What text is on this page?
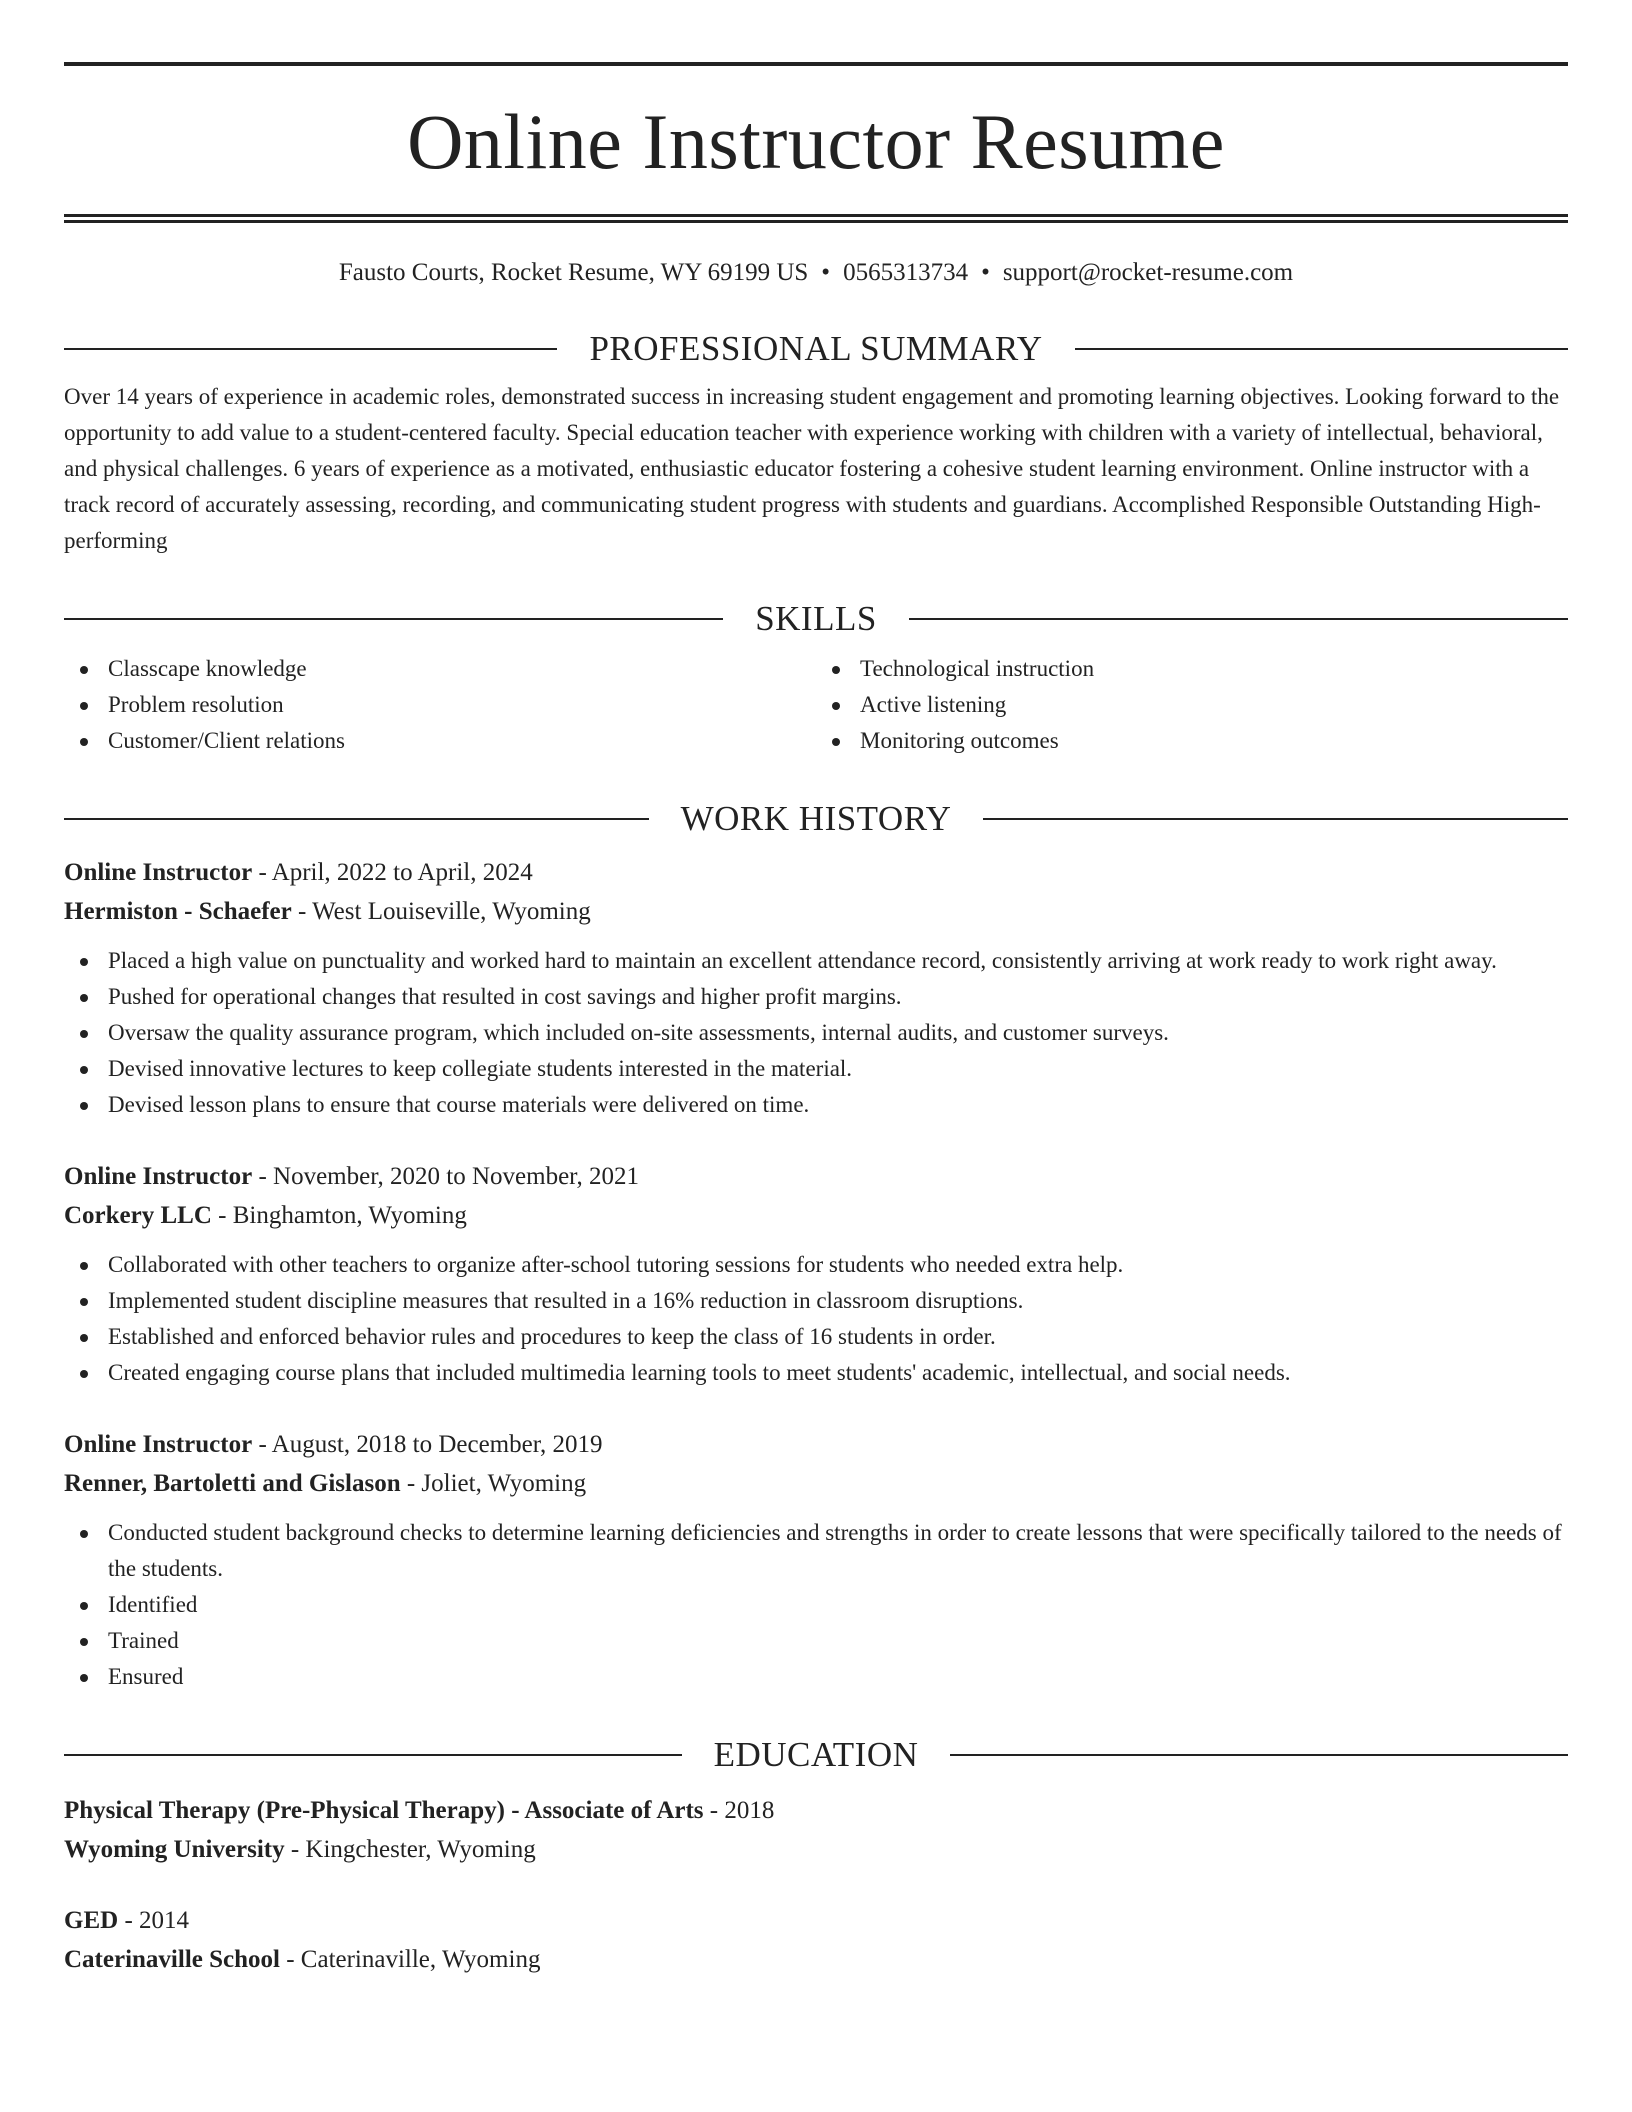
Online Instructor Resume
Fausto Courts, Rocket Resume, WY 69199 US • 0565313734 • support@rocket-resume.com
PROFESSIONAL SUMMARY

Over 14 years of experience in academic roles, demonstrated success in increasing student engagement and promoting learning objectives. Looking forward to the opportunity to add value to a student-centered faculty. Special education teacher with experience working with children with a variety of intellectual, behavioral, and physical challenges. 6 years of experience as a motivated, enthusiastic educator fostering a cohesive student learning environment. Online instructor with a track record of accurately assessing, recording, and communicating student progress with students and guardians. Accomplished Responsible Outstanding High-performing

SKILLS
Classcape knowledge
Problem resolution
Customer/Client relations
Technological instruction
Active listening
Monitoring outcomes
WORK HISTORY
Online Instructor - April, 2022 to April, 2024
Hermiston - Schaefer - West Louiseville, Wyoming
Placed a high value on punctuality and worked hard to maintain an excellent attendance record, consistently arriving at work ready to work right away.
Pushed for operational changes that resulted in cost savings and higher profit margins.
Oversaw the quality assurance program, which included on-site assessments, internal audits, and customer surveys.
Devised innovative lectures to keep collegiate students interested in the material.
Devised lesson plans to ensure that course materials were delivered on time.
Online Instructor - November, 2020 to November, 2021
Corkery LLC - Binghamton, Wyoming
Collaborated with other teachers to organize after-school tutoring sessions for students who needed extra help.
Implemented student discipline measures that resulted in a 16% reduction in classroom disruptions.
Established and enforced behavior rules and procedures to keep the class of 16 students in order.
Created engaging course plans that included multimedia learning tools to meet students' academic, intellectual, and social needs.
Online Instructor - August, 2018 to December, 2019
Renner, Bartoletti and Gislason - Joliet, Wyoming
Conducted student background checks to determine learning deficiencies and strengths in order to create lessons that were specifically tailored to the needs of the students.
Identified
Trained
Ensured
EDUCATION
Physical Therapy (Pre-Physical Therapy) - Associate of Arts - 2018
Wyoming University - Kingchester, Wyoming
GED - 2014
Caterinaville School - Caterinaville, Wyoming
